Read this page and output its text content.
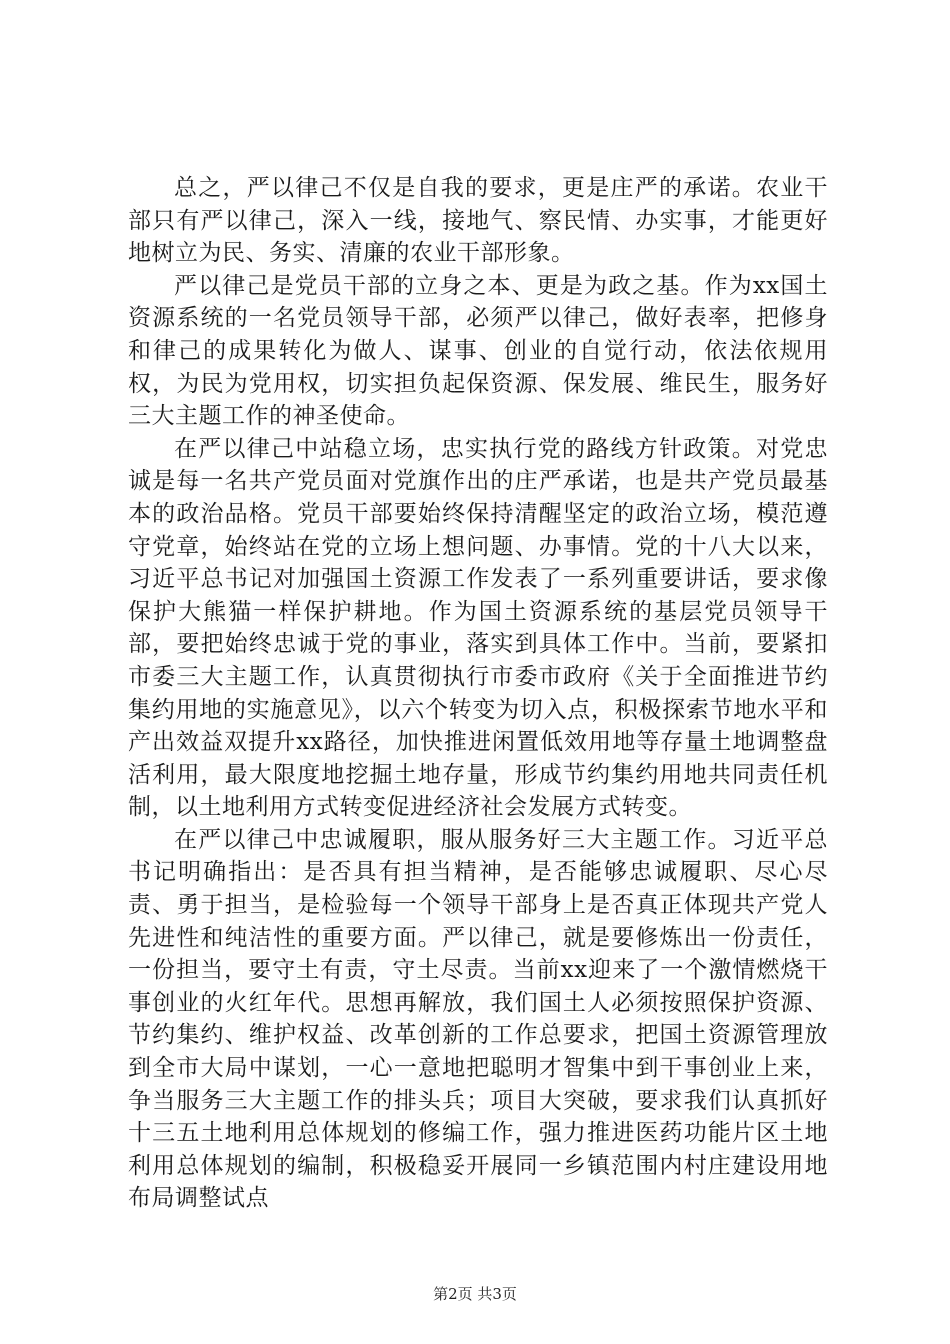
总之，严以律己不仅是自我的要求，更是庄严的承诺。农业干部只有严以律己，深入一线，接地气、察民情、办实事，才能更好地树立为民、务实、清廉的农业干部形象。

严以律己是党员干部的立身之本、更是为政之基。作为xx国土资源系统的一名党员领导干部，必须严以律己，做好表率，把修身和律己的成果转化为做人、谋事、创业的自觉行动，依法依规用权，为民为党用权，切实担负起保资源、保发展、维民生，服务好三大主题工作的神圣使命。

在严以律己中站稳立场，忠实执行党的路线方针政策。对党忠诚是每一名共产党员面对党旗作出的庄严承诺，也是共产党员最基本的政治品格。党员干部要始终保持清醒坚定的政治立场，模范遵守党章，始终站在党的立场上想问题、办事情。党的十八大以来，习近平总书记对加强国土资源工作发表了一系列重要讲话，要求像保护大熊猫一样保护耕地。作为国土资源系统的基层党员领导干部，要把始终忠诚于党的事业，落实到具体工作中。当前，要紧扣市委三大主题工作，认真贯彻执行市委市政府《关于全面推进节约集约用地的实施意见》，以六个转变为切入点，积极探索节地水平和产出效益双提升xx路径，加快推进闲置低效用地等存量土地调整盘活利用，最大限度地挖掘土地存量，形成节约集约用地共同责任机制，以土地利用方式转变促进经济社会发展方式转变。

在严以律己中忠诚履职，服从服务好三大主题工作。习近平总书记明确指出：是否具有担当精神，是否能够忠诚履职、尽心尽责、勇于担当，是检验每一个领导干部身上是否真正体现共产党人先进性和纯洁性的重要方面。严以律己，就是要修炼出一份责任，一份担当，要守土有责，守土尽责。当前xx迎来了一个激情燃烧干事创业的火红年代。思想再解放，我们国土人必须按照保护资源、节约集约、维护权益、改革创新的工作总要求，把国土资源管理放到全市大局中谋划，一心一意地把聪明才智集中到干事创业上来，争当服务三大主题工作的排头兵；项目大突破，要求我们认真抓好十三五土地利用总体规划的修编工作，强力推进医药功能片区土地利用总体规划的编制，积极稳妥开展同一乡镇范围内村庄建设用地布局调整试点

第2页 共3页
